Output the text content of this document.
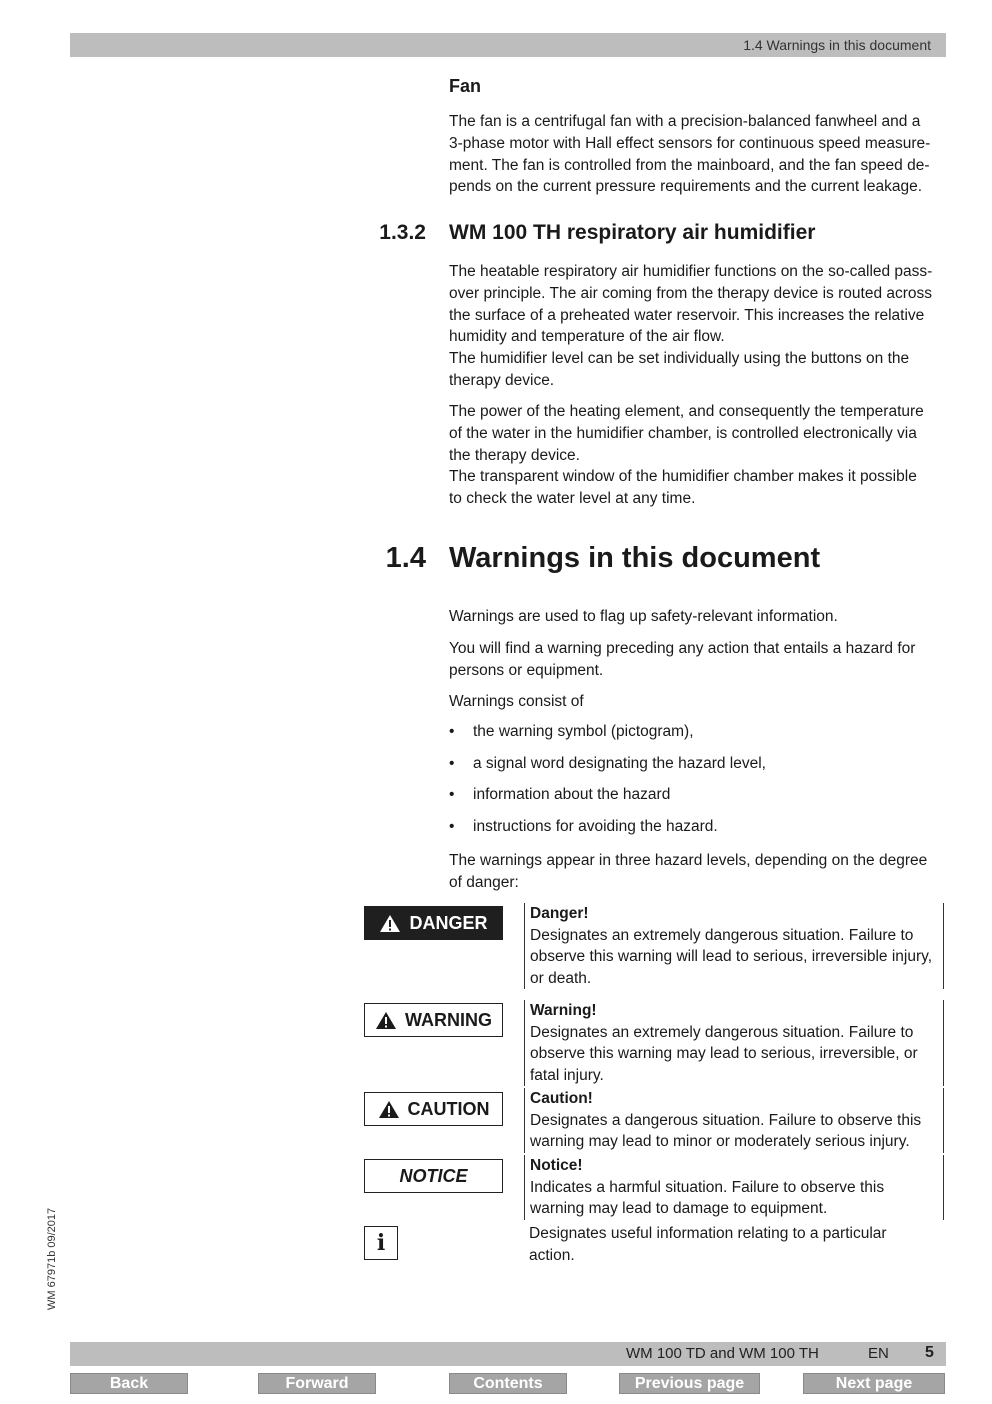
1.4 Warnings in this document
Fan
The fan is a centrifugal fan with a precision-balanced fanwheel and a
3-phase motor with Hall effect sensors for continuous speed measure-
ment. The fan is controlled from the mainboard, and the fan speed de-
pends on the current pressure requirements and the current leakage.
1.3.2 WM 100 TH respiratory air humidifier
The heatable respiratory air humidifier functions on the so-called pass-
over principle. The air coming from the therapy device is routed across
the surface of a preheated water reservoir. This increases the relative
humidity and temperature of the air flow.
The humidifier level can be set individually using the buttons on the
therapy device.
The power of the heating element, and consequently the temperature
of the water in the humidifier chamber, is controlled electronically via
the therapy device.
The transparent window of the humidifier chamber makes it possible
to check the water level at any time.
1.4 Warnings in this document
Warnings are used to flag up safety-relevant information.
You will find a warning preceding any action that entails a hazard for
persons or equipment.
Warnings consist of
• the warning symbol (pictogram),
• a signal word designating the hazard level,
• information about the hazard
• instructions for avoiding the hazard.
The warnings appear in three hazard levels, depending on the degree
of danger:
DANGER	Danger!
Designates an extremely dangerous situation. Failure to
observe this warning will lead to serious, irreversible injury,
or death.
WARNING Warning!
Designates an extremely dangerous situation. Failure to
observe this warning may lead to serious, irreversible, or
fatal injury.
CAUTION	Caution!
Designates a dangerous situation. Failure to observe this
warning may lead to minor or moderately serious injury.
NOTICE	Notice!
Indicates a harmful situation. Failure to observe this
warning may lead to damage to equipment.
i	Designates useful information relating to a particular
action.
WM 67971b 09/2017
WM 100 TD and WM 100 TH	EN 5
Back	Forward	Contents	Previous page	Next page
